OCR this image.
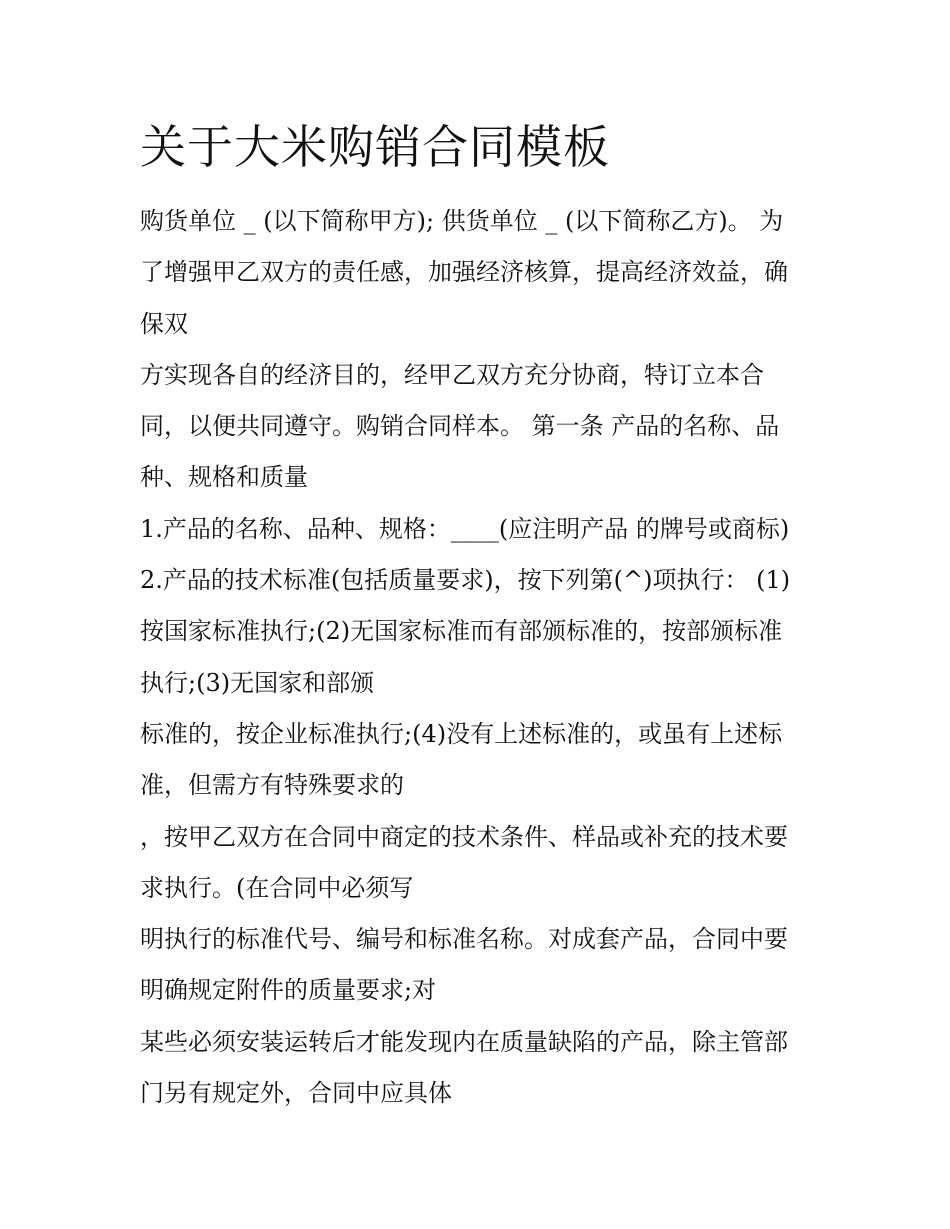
关于大米购销合同模板
购货单位 _ (以下简称甲方); 供货单位 _ (以下简称乙方)。 为
了增强甲乙双方的责任感，加强经济核算，提高经济效益，确
保双
方实现各自的经济目的，经甲乙双方充分协商，特订立本合
同，以便共同遵守。购销合同样本。 第一条 产品的名称、品
种、规格和质量
1.产品的名称、品种、规格：____(应注明产品 的牌号或商标)
2.产品的技术标准(包括质量要求)，按下列第(^)项执行： (1)
按国家标准执行;(2)无国家标准而有部颁标准的，按部颁标准
执行;(3)无国家和部颁
标准的，按企业标准执行;(4)没有上述标准的，或虽有上述标
准，但需方有特殊要求的
，按甲乙双方在合同中商定的技术条件、样品或补充的技术要
求执行。(在合同中必须写
明执行的标准代号、编号和标准名称。对成套产品，合同中要
明确规定附件的质量要求;对
某些必须安装运转后才能发现内在质量缺陷的产品，除主管部
门另有规定外，合同中应具体
